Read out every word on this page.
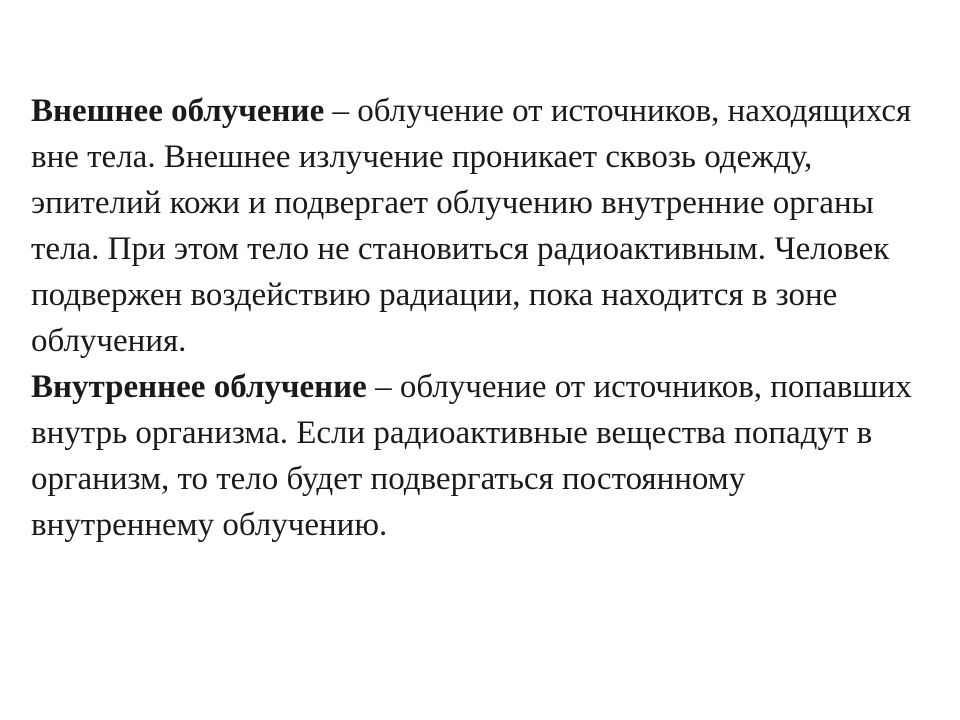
Внешнее облучение – облучение от источников, находящихся вне тела. Внешнее излучение проникает сквозь одежду, эпителий кожи и подвергает облучению внутренние органы тела. При этом тело не становиться радиоактивным. Человек подвержен воздействию радиации, пока находится в зоне облучения.

Внутреннее облучение – облучение от источников, попавших внутрь организма. Если радиоактивные вещества попадут в организм, то тело будет подвергаться постоянному внутреннему облучению.
